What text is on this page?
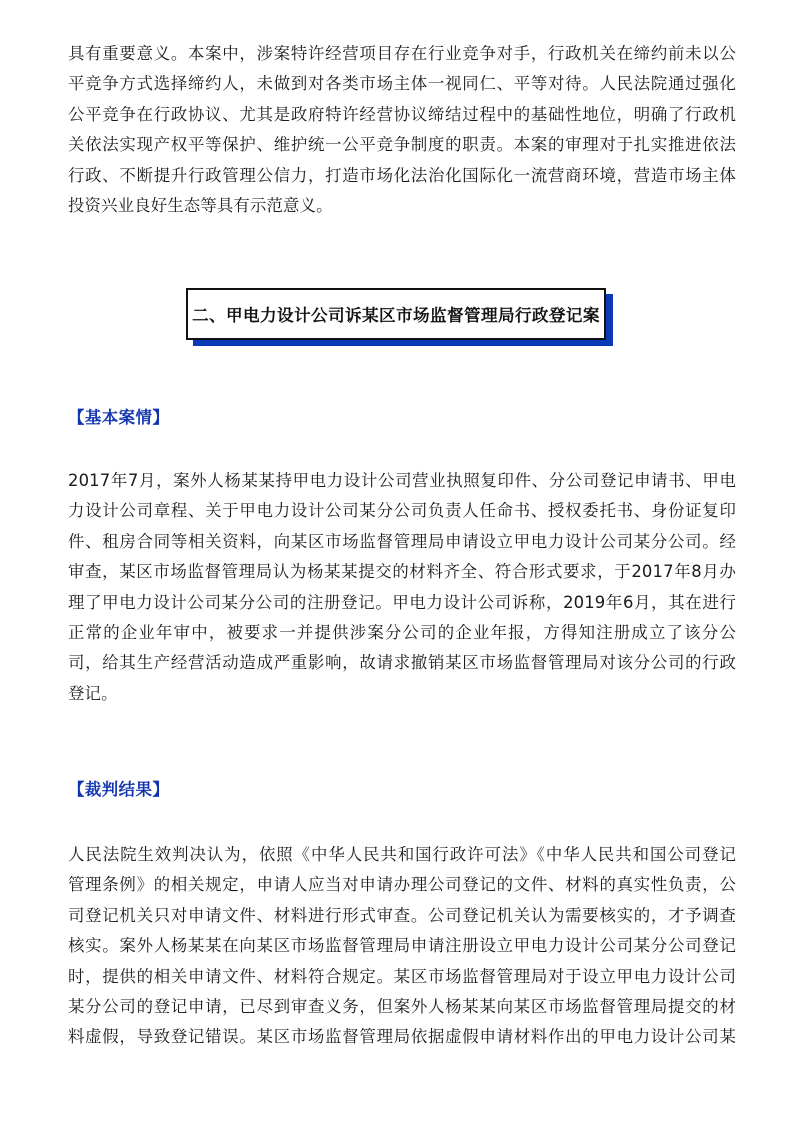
具有重要意义。本案中，涉案特许经营项目存在行业竞争对手，行政机关在缔约前未以公
平竞争方式选择缔约人，未做到对各类市场主体一视同仁、平等对待。人民法院通过强化
公平竞争在行政协议、尤其是政府特许经营协议缔结过程中的基础性地位，明确了行政机
关依法实现产权平等保护、维护统一公平竞争制度的职责。本案的审理对于扎实推进依法
行政、不断提升行政管理公信力，打造市场化法治化国际化一流营商环境，营造市场主体
投资兴业良好生态等具有示范意义。
二、甲电力设计公司诉某区市场监督管理局行政登记案
【基本案情】
2017年7月，案外人杨某某持甲电力设计公司营业执照复印件、分公司登记申请书、甲电
力设计公司章程、关于甲电力设计公司某分公司负责人任命书、授权委托书、身份证复印
件、租房合同等相关资料，向某区市场监督管理局申请设立甲电力设计公司某分公司。经
审查，某区市场监督管理局认为杨某某提交的材料齐全、符合形式要求，于2017年8月办
理了甲电力设计公司某分公司的注册登记。甲电力设计公司诉称，2019年6月，其在进行
正常的企业年审中，被要求一并提供涉案分公司的企业年报，方得知注册成立了该分公
司，给其生产经营活动造成严重影响，故请求撤销某区市场监督管理局对该分公司的行政
登记。
【裁判结果】
人民法院生效判决认为，依照《中华人民共和国行政许可法》《中华人民共和国公司登记
管理条例》的相关规定，申请人应当对申请办理公司登记的文件、材料的真实性负责，公
司登记机关只对申请文件、材料进行形式审查。公司登记机关认为需要核实的，才予调查
核实。案外人杨某某在向某区市场监督管理局申请注册设立甲电力设计公司某分公司登记
时，提供的相关申请文件、材料符合规定。某区市场监督管理局对于设立甲电力设计公司
某分公司的登记申请，已尽到审查义务，但案外人杨某某向某区市场监督管理局提交的材
料虚假，导致登记错误。某区市场监督管理局依据虚假申请材料作出的甲电力设计公司某
